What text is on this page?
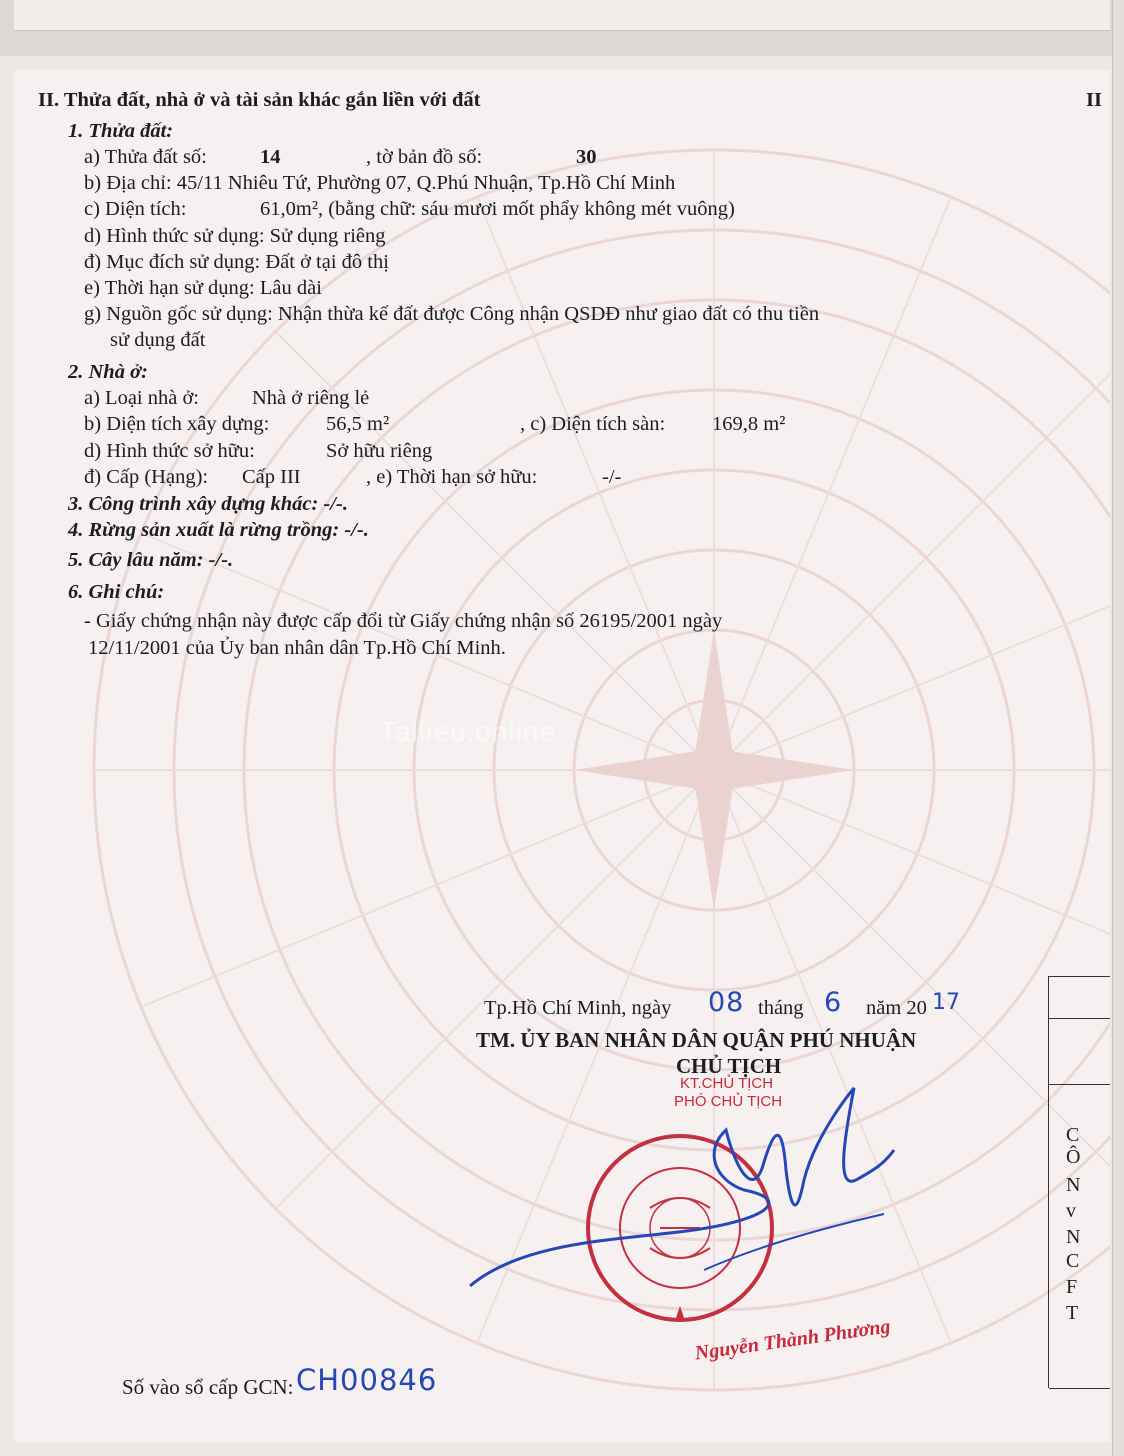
II. Thửa đất, nhà ở và tài sản khác gắn liền với đất	II
1. Thửa đất:
a) Thửa đất số:	14	, tờ bản đồ số:	30
b) Địa chỉ: 45/11 Nhiêu Tứ, Phường 07, Q.Phú Nhuận, Tp.Hồ Chí Minh
c) Diện tích:	61,0m², (bằng chữ: sáu mươi mốt phẩy không mét vuông)
d) Hình thức sử dụng: Sử dụng riêng
đ) Mục đích sử dụng: Đất ở tại đô thị
e) Thời hạn sử dụng: Lâu dài
g) Nguồn gốc sử dụng: Nhận thừa kế đất được Công nhận QSDĐ như giao đất có thu tiền
sử dụng đất
2. Nhà ở:
a) Loại nhà ở:	Nhà ở riêng lẻ
b) Diện tích xây dựng:	56,5 m²	, c) Diện tích sàn: 169,8 m²
d) Hình thức sở hữu:	Sở hữu riêng
đ) Cấp (Hạng): Cấp III	, e) Thời hạn sở hữu:	-/-
3. Công trình xây dựng khác: -/-.
4. Rừng sản xuất là rừng trồng: -/-.
5. Cây lâu năm: -/-.
6. Ghi chú:
- Giấy chứng nhận này được cấp đổi từ Giấy chứng nhận số 26195/2001 ngày
12/11/2001 của Ủy ban nhân dân Tp.Hồ Chí Minh.
Tailieu.online
Tp.Hồ Chí Minh, ngày 08 tháng 6 năm 20 17
TM. ỦY BAN NHÂN DÂN QUẬN PHÚ NHUẬN
CHỦ TỊCH
KT.CHỦ TỊCH
PHÓ CHỦ TỊCH
Nguyễn Thành Phương
Số vào sổ cấp GCN: CH00846
C
Ô
N
v
N
C
F
T
